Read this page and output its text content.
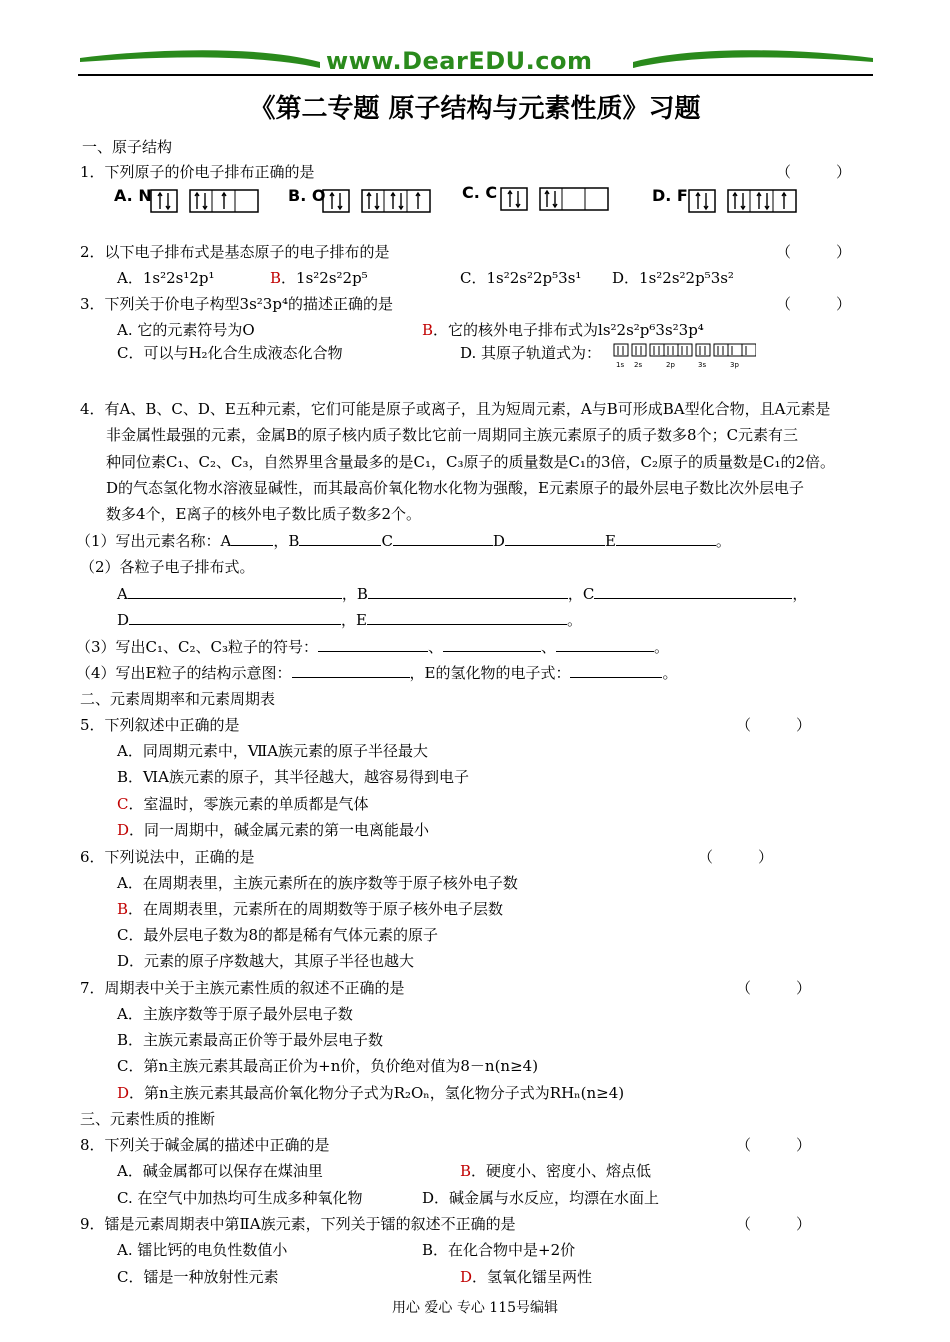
www.DearEDU.com
《第二专题 原子结构与元素性质》习题
一、原子结构
1．下列原子的价电子排布正确的是	（　　　）
A. N	B. O	C. C	D. F
2．以下电子排布式是基态原子的电子排布的是	（　　　）
A．1s²2s¹2p¹	B．1s²2s²2p⁵	C．1s²2s²2p⁵3s¹ D．1s²2s²2p⁵3s²
3．下列关于价电子构型3s²3p⁴的描述正确的是	（　　　）
A. 它的元素符号为O	B．它的核外电子排布式为ls²2s²p⁶3s²3p⁴
C．可以与H₂化合生成液态化合物	D. 其原子轨道式为：
1s 2s	2p	3s	3p
4．有A、B、C、D、E五种元素，它们可能是原子或离子，且为短周元素，A与B可形成BA型化合物，且A元素是
非金属性最强的元素，金属B的原子核内质子数比它前一周期同主族元素原子的质子数多8个；C元素有三
种同位素C₁、C₂、C₃，自然界里含量最多的是C₁，C₃原子的质量数是C₁的3倍，C₂原子的质量数是C₁的2倍。
D的气态氢化物水溶液显碱性，而其最高价氧化物水化物为强酸，E元素原子的最外层电子数比次外层电子
数多4个，E离子的核外电子数比质子数多2个。
（1）写出元素名称：A	，B	C	D	E	。
（2）各粒子电子排布式。
A	，B	，C	，
D	，E	。
（3）写出C₁、C₂、C₃粒子的符号：	、	、	。
（4）写出E粒子的结构示意图：	，E的氢化物的电子式：	。
二、元素周期率和元素周期表
5．下列叙述中正确的是	（　　　）
A．同周期元素中，ⅦA族元素的原子半径最大
B．ⅥA族元素的原子，其半径越大，越容易得到电子
C．室温时，零族元素的单质都是气体
D．同一周期中，碱金属元素的第一电离能最小
6．下列说法中，正确的是	（　　　）
A．在周期表里，主族元素所在的族序数等于原子核外电子数
B．在周期表里，元素所在的周期数等于原子核外电子层数
C．最外层电子数为8的都是稀有气体元素的原子
D．元素的原子序数越大，其原子半径也越大
7．周期表中关于主族元素性质的叙述不正确的是	（　　　）
A．主族序数等于原子最外层电子数
B．主族元素最高正价等于最外层电子数
C．第n主族元素其最高正价为+n价，负价绝对值为8－n(n≥4)
D．第n主族元素其最高价氧化物分子式为R₂Oₙ，氢化物分子式为RHₙ(n≥4)
三、元素性质的推断
8．下列关于碱金属的描述中正确的是	（　　　）
A．碱金属都可以保存在煤油里	B．硬度小、密度小、熔点低
C. 在空气中加热均可生成多种氧化物	D．碱金属与水反应，均漂在水面上
9．镭是元素周期表中第ⅡA族元素，下列关于镭的叙述不正确的是	（　　　）
A. 镭比钙的电负性数值小	B．在化合物中是+2价
C．镭是一种放射性元素	D．氢氧化镭呈两性
用心 爱心 专心 115号编辑
